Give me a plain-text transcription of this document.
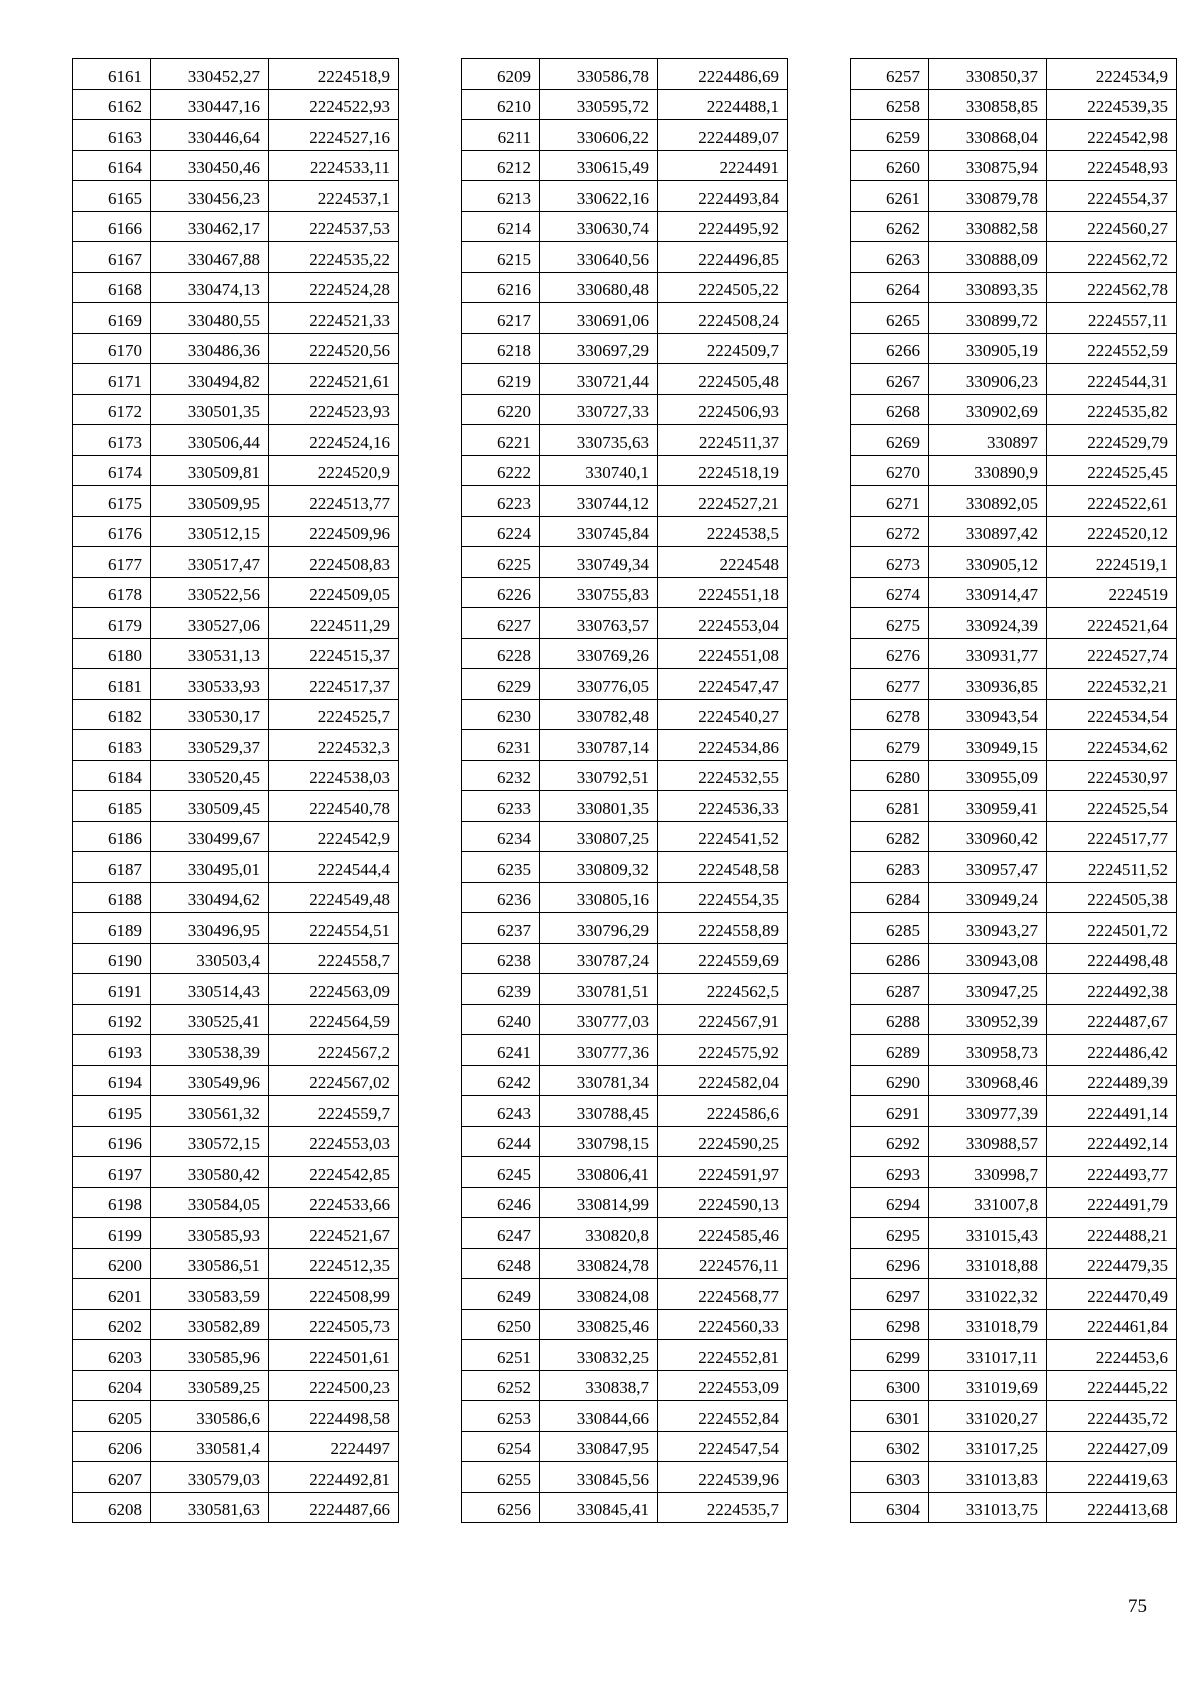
6161	330452,27	2224518,9
6162	330447,16	2224522,93
6163	330446,64	2224527,16
6164	330450,46	2224533,11
6165	330456,23	2224537,1
6166	330462,17	2224537,53
6167	330467,88	2224535,22
6168	330474,13	2224524,28
6169	330480,55	2224521,33
6170	330486,36	2224520,56
6171	330494,82	2224521,61
6172	330501,35	2224523,93
6173	330506,44	2224524,16
6174	330509,81	2224520,9
6175	330509,95	2224513,77
6176	330512,15	2224509,96
6177	330517,47	2224508,83
6178	330522,56	2224509,05
6179	330527,06	2224511,29
6180	330531,13	2224515,37
6181	330533,93	2224517,37
6182	330530,17	2224525,7
6183	330529,37	2224532,3
6184	330520,45	2224538,03
6185	330509,45	2224540,78
6186	330499,67	2224542,9
6187	330495,01	2224544,4
6188	330494,62	2224549,48
6189	330496,95	2224554,51
6190	330503,4	2224558,7
6191	330514,43	2224563,09
6192	330525,41	2224564,59
6193	330538,39	2224567,2
6194	330549,96	2224567,02
6195	330561,32	2224559,7
6196	330572,15	2224553,03
6197	330580,42	2224542,85
6198	330584,05	2224533,66
6199	330585,93	2224521,67
6200	330586,51	2224512,35
6201	330583,59	2224508,99
6202	330582,89	2224505,73
6203	330585,96	2224501,61
6204	330589,25	2224500,23
6205	330586,6	2224498,58
6206	330581,4	2224497
6207	330579,03	2224492,81
6208	330581,63	2224487,66
6209	330586,78	2224486,69
6210	330595,72	2224488,1
6211	330606,22	2224489,07
6212	330615,49	2224491
6213	330622,16	2224493,84
6214	330630,74	2224495,92
6215	330640,56	2224496,85
6216	330680,48	2224505,22
6217	330691,06	2224508,24
6218	330697,29	2224509,7
6219	330721,44	2224505,48
6220	330727,33	2224506,93
6221	330735,63	2224511,37
6222	330740,1	2224518,19
6223	330744,12	2224527,21
6224	330745,84	2224538,5
6225	330749,34	2224548
6226	330755,83	2224551,18
6227	330763,57	2224553,04
6228	330769,26	2224551,08
6229	330776,05	2224547,47
6230	330782,48	2224540,27
6231	330787,14	2224534,86
6232	330792,51	2224532,55
6233	330801,35	2224536,33
6234	330807,25	2224541,52
6235	330809,32	2224548,58
6236	330805,16	2224554,35
6237	330796,29	2224558,89
6238	330787,24	2224559,69
6239	330781,51	2224562,5
6240	330777,03	2224567,91
6241	330777,36	2224575,92
6242	330781,34	2224582,04
6243	330788,45	2224586,6
6244	330798,15	2224590,25
6245	330806,41	2224591,97
6246	330814,99	2224590,13
6247	330820,8	2224585,46
6248	330824,78	2224576,11
6249	330824,08	2224568,77
6250	330825,46	2224560,33
6251	330832,25	2224552,81
6252	330838,7	2224553,09
6253	330844,66	2224552,84
6254	330847,95	2224547,54
6255	330845,56	2224539,96
6256	330845,41	2224535,7
6257	330850,37	2224534,9
6258	330858,85	2224539,35
6259	330868,04	2224542,98
6260	330875,94	2224548,93
6261	330879,78	2224554,37
6262	330882,58	2224560,27
6263	330888,09	2224562,72
6264	330893,35	2224562,78
6265	330899,72	2224557,11
6266	330905,19	2224552,59
6267	330906,23	2224544,31
6268	330902,69	2224535,82
6269	330897	2224529,79
6270	330890,9	2224525,45
6271	330892,05	2224522,61
6272	330897,42	2224520,12
6273	330905,12	2224519,1
6274	330914,47	2224519
6275	330924,39	2224521,64
6276	330931,77	2224527,74
6277	330936,85	2224532,21
6278	330943,54	2224534,54
6279	330949,15	2224534,62
6280	330955,09	2224530,97
6281	330959,41	2224525,54
6282	330960,42	2224517,77
6283	330957,47	2224511,52
6284	330949,24	2224505,38
6285	330943,27	2224501,72
6286	330943,08	2224498,48
6287	330947,25	2224492,38
6288	330952,39	2224487,67
6289	330958,73	2224486,42
6290	330968,46	2224489,39
6291	330977,39	2224491,14
6292	330988,57	2224492,14
6293	330998,7	2224493,77
6294	331007,8	2224491,79
6295	331015,43	2224488,21
6296	331018,88	2224479,35
6297	331022,32	2224470,49
6298	331018,79	2224461,84
6299	331017,11	2224453,6
6300	331019,69	2224445,22
6301	331020,27	2224435,72
6302	331017,25	2224427,09
6303	331013,83	2224419,63
6304	331013,75	2224413,68
75
